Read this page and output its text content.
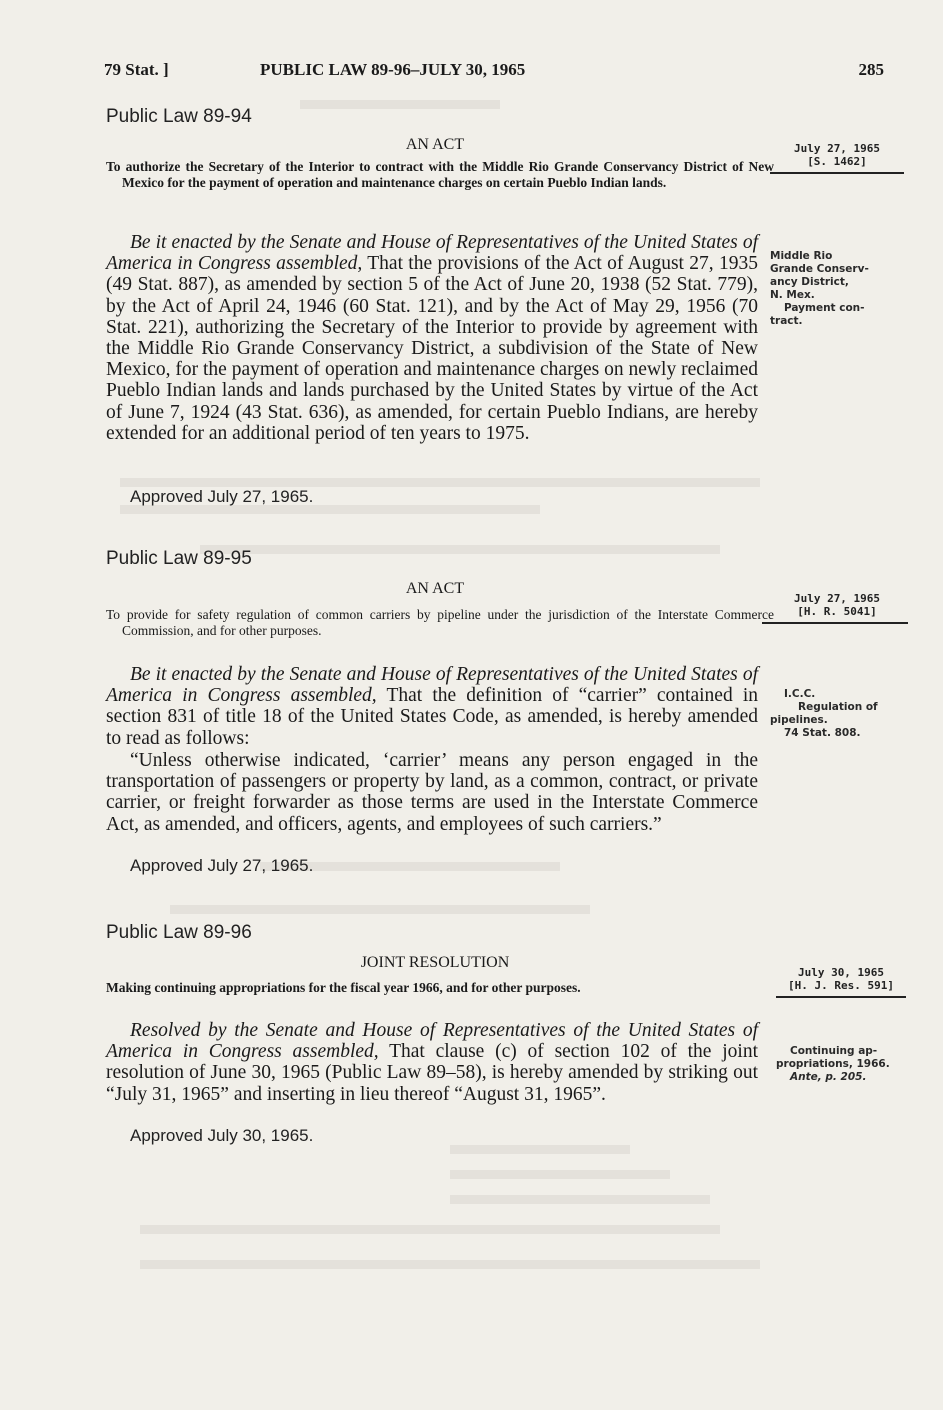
79 Stat. ]	PUBLIC LAW 89-96–JULY 30, 1965	285
Public Law 89-94
AN ACT	July 27, 1965
[S. 1462]
To authorize the Secretary of the Interior to contract with the Middle Rio Grande Conservancy District of New Mexico for the payment of operation and maintenance charges on certain Pueblo Indian lands.

Be it enacted by the Senate and House of Representatives of the United States of America in Congress assembled, That the provisions of the Act of August 27, 1935 (49 Stat. 887), as amended by section 5 of the Act of June 20, 1938 (52 Stat. 779), by the Act of April 24, 1946 (60 Stat. 121), and by the Act of May 29, 1956 (70 Stat. 221), authorizing the Secretary of the Interior to provide by agreement with the Middle Rio Grande Conservancy District, a subdivision of the State of New Mexico, for the payment of operation and maintenance charges on newly reclaimed Pueblo Indian lands and lands purchased by the United States by virtue of the Act of June 7, 1924 (43 Stat. 636), as amended, for certain Pueblo Indians, are hereby extended for an additional period of ten years to 1975.

Approved July 27, 1965.
Middle Rio
Grande Conserv-
ancy District,
N. Mex.
Payment con-
tract.
Public Law 89-95
AN ACT
July 27, 1965
[H. R. 5041]
To provide for safety regulation of common carriers by pipeline under the jurisdiction of the Interstate Commerce Commission, and for other purposes.

Be it enacted by the Senate and House of Representatives of the United States of America in Congress assembled, That the definition of “carrier” contained in section 831 of title 18 of the United States Code, as amended, is hereby amended to read as follows:

“Unless otherwise indicated, ‘carrier’ means any person engaged in the transportation of passengers or property by land, as a common, contract, or private carrier, or freight forwarder as those terms are used in the Interstate Commerce Act, as amended, and officers, agents, and employees of such carriers.”

Approved July 27, 1965.
I.C.C.
Regulation of
pipelines.
74 Stat. 808.
Public Law 89-96
JOINT RESOLUTION
July 30, 1965
[H. J. Res. 591]
Making continuing appropriations for the fiscal year 1966, and for other purposes.

Resolved by the Senate and House of Representatives of the United States of America in Congress assembled, That clause (c) of section 102 of the joint resolution of June 30, 1965 (Public Law 89–58), is hereby amended by striking out “July 31, 1965” and inserting in lieu thereof “August 31, 1965”.

Approved July 30, 1965.
Continuing ap-
propriations, 1966.
Ante, p. 205.
